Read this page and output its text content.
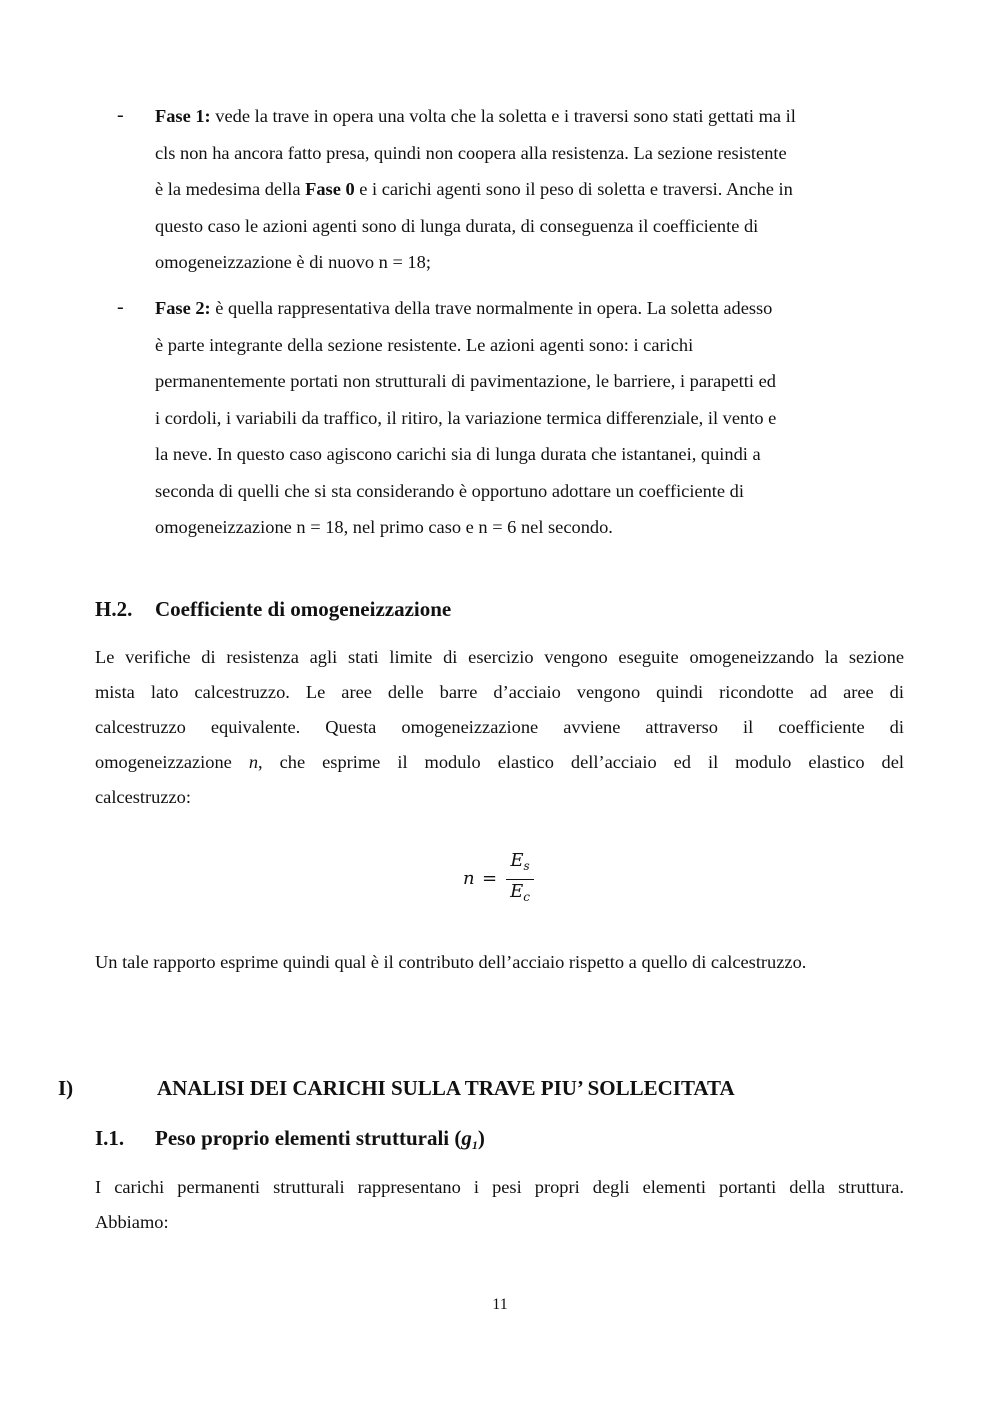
- Fase 1: vede la trave in opera una volta che la soletta e i traversi sono stati gettati ma il
cls non ha ancora fatto presa, quindi non coopera alla resistenza. La sezione resistente
è la medesima della Fase 0 e i carichi agenti sono il peso di soletta e traversi. Anche in
questo caso le azioni agenti sono di lunga durata, di conseguenza il coefficiente di
omogeneizzazione è di nuovo n = 18;
- Fase 2: è quella rappresentativa della trave normalmente in opera. La soletta adesso
è parte integrante della sezione resistente. Le azioni agenti sono: i carichi
permanentemente portati non strutturali di pavimentazione, le barriere, i parapetti ed
i cordoli, i variabili da traffico, il ritiro, la variazione termica differenziale, il vento e
la neve. In questo caso agiscono carichi sia di lunga durata che istantanei, quindi a
seconda di quelli che si sta considerando è opportuno adottare un coefficiente di
omogeneizzazione n = 18, nel primo caso e n = 6 nel secondo.
H.2. Coefficiente di omogeneizzazione
Le verifiche di resistenza agli stati limite di esercizio vengono eseguite omogeneizzando la sezione
mista lato calcestruzzo. Le aree delle barre d’acciaio vengono quindi ricondotte ad aree di
calcestruzzo equivalente. Questa omogeneizzazione avviene attraverso il coefficiente di
omogeneizzazione n, che esprime il modulo elastico dell’acciaio ed il modulo elastico del
calcestruzzo:
n =
$E_s$
$E_c$
Un tale rapporto esprime quindi qual è il contributo dell’acciaio rispetto a quello di calcestruzzo.
I)	ANALISI DEI CARICHI SULLA TRAVE PIU’ SOLLECITATA
I.1. Peso proprio elementi strutturali $(g_1)$
I carichi permanenti strutturali rappresentano i pesi propri degli elementi portanti della struttura.
Abbiamo:
11
